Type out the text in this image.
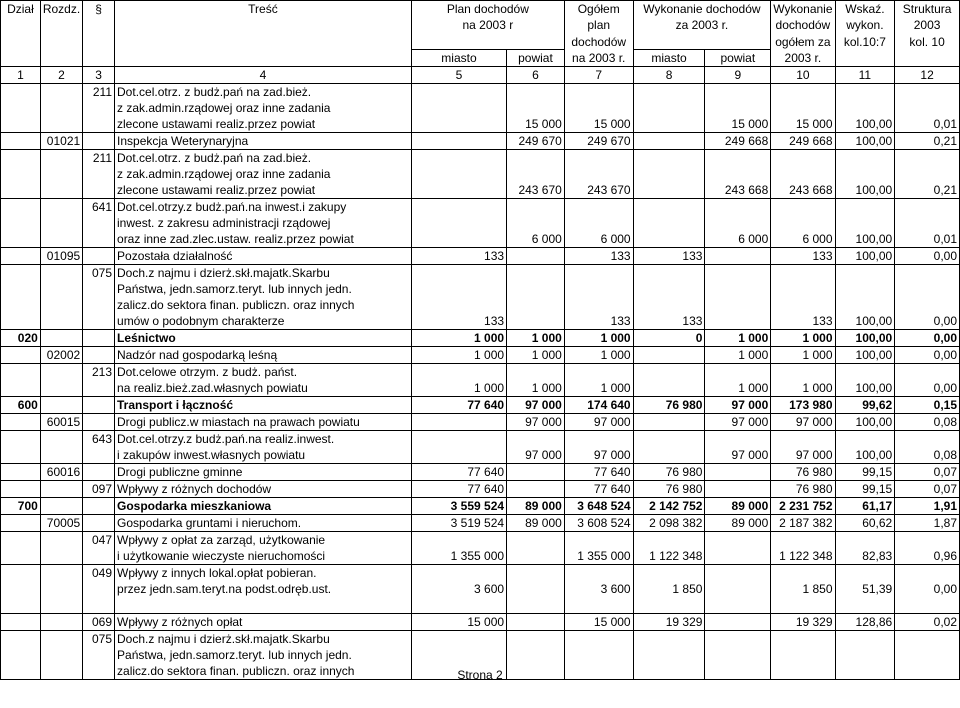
Dział	Rozdz.	§	Treść	Plan dochodów		Ogółem	Wykonanie dochodów		Wykonanie	Wskaź.	Struktura
				na 2003 r		plan	za 2003 r.		dochodów	wykon.	2003
						dochodów			ogółem za	kol.10:7	kol. 10
				miasto	powiat	na 2003 r.	miasto	powiat	2003 r.		
1	2	3	4	5	6	7	8	9	10	11	12
		211	Dot.cel.otrz. z budż.pań na zad.bież.								
			z zak.admin.rządowej oraz inne zadania								
			zlecone ustawami realiz.przez powiat		15 000	15 000		15 000	15 000	100,00	0,01
	01021		Inspekcja Weterynaryjna		249 670	249 670		249 668	249 668	100,00	0,21
		211	Dot.cel.otrz. z budż.pań na zad.bież.								
			z zak.admin.rządowej oraz inne zadania								
			zlecone ustawami realiz.przez powiat		243 670	243 670		243 668	243 668	100,00	0,21
		641	Dot.cel.otrzy.z budż.pań.na inwest.i zakupy								
			inwest. z zakresu administracji rządowej								
			oraz inne zad.zlec.ustaw. realiz.przez powiat		6 000	6 000		6 000	6 000	100,00	0,01
	01095		Pozostała działalność	133		133	133		133	100,00	0,00
		075	Doch.z najmu i dzierż.skł.majatk.Skarbu								
			Państwa, jedn.samorz.teryt. lub innych jedn.								
			zalicz.do sektora finan. publiczn. oraz innych								
			umów o podobnym charakterze	133		133	133		133	100,00	0,00
020			Leśnictwo	1 000	1 000	1 000	0	1 000	1 000	100,00	0,00
	02002		Nadzór nad gospodarką leśną	1 000	1 000	1 000		1 000	1 000	100,00	0,00
		213	Dot.celowe otrzym. z budż. państ.								
			na realiz.bież.zad.własnych powiatu	1 000	1 000	1 000		1 000	1 000	100,00	0,00
600			Transport i łączność	77 640	97 000	174 640	76 980	97 000	173 980	99,62	0,15
	60015		Drogi publicz.w miastach na prawach powiatu		97 000	97 000		97 000	97 000	100,00	0,08
		643	Dot.cel.otrzy.z budż.pań.na realiz.inwest.								
			i zakupów inwest.własnych powiatu		97 000	97 000		97 000	97 000	100,00	0,08
	60016		Drogi publiczne gminne	77 640		77 640	76 980		76 980	99,15	0,07
		097	Wpływy z różnych dochodów	77 640		77 640	76 980		76 980	99,15	0,07
700			Gospodarka mieszkaniowa	3 559 524	89 000	3 648 524	2 142 752	89 000	2 231 752	61,17	1,91
	70005		Gospodarka gruntami i nieruchom.	3 519 524	89 000	3 608 524	2 098 382	89 000	2 187 382	60,62	1,87
		047	Wpływy z opłat za zarząd, użytkowanie								
			i użytkowanie wieczyste nieruchomości	1 355 000		1 355 000	1 122 348		1 122 348	82,83	0,96
		049	Wpływy z innych lokal.opłat pobieran.								
			przez jedn.sam.teryt.na podst.odręb.ust.	3 600		3 600	1 850		1 850	51,39	0,00

		069	Wpływy z różnych opłat	15 000		15 000	19 329		19 329	128,86	0,02
		075	Doch.z najmu i dzierż.skł.majatk.Skarbu								
			Państwa, jedn.samorz.teryt. lub innych jedn.								
			zalicz.do sektora finan. publiczn. oraz innych									Strona 2
